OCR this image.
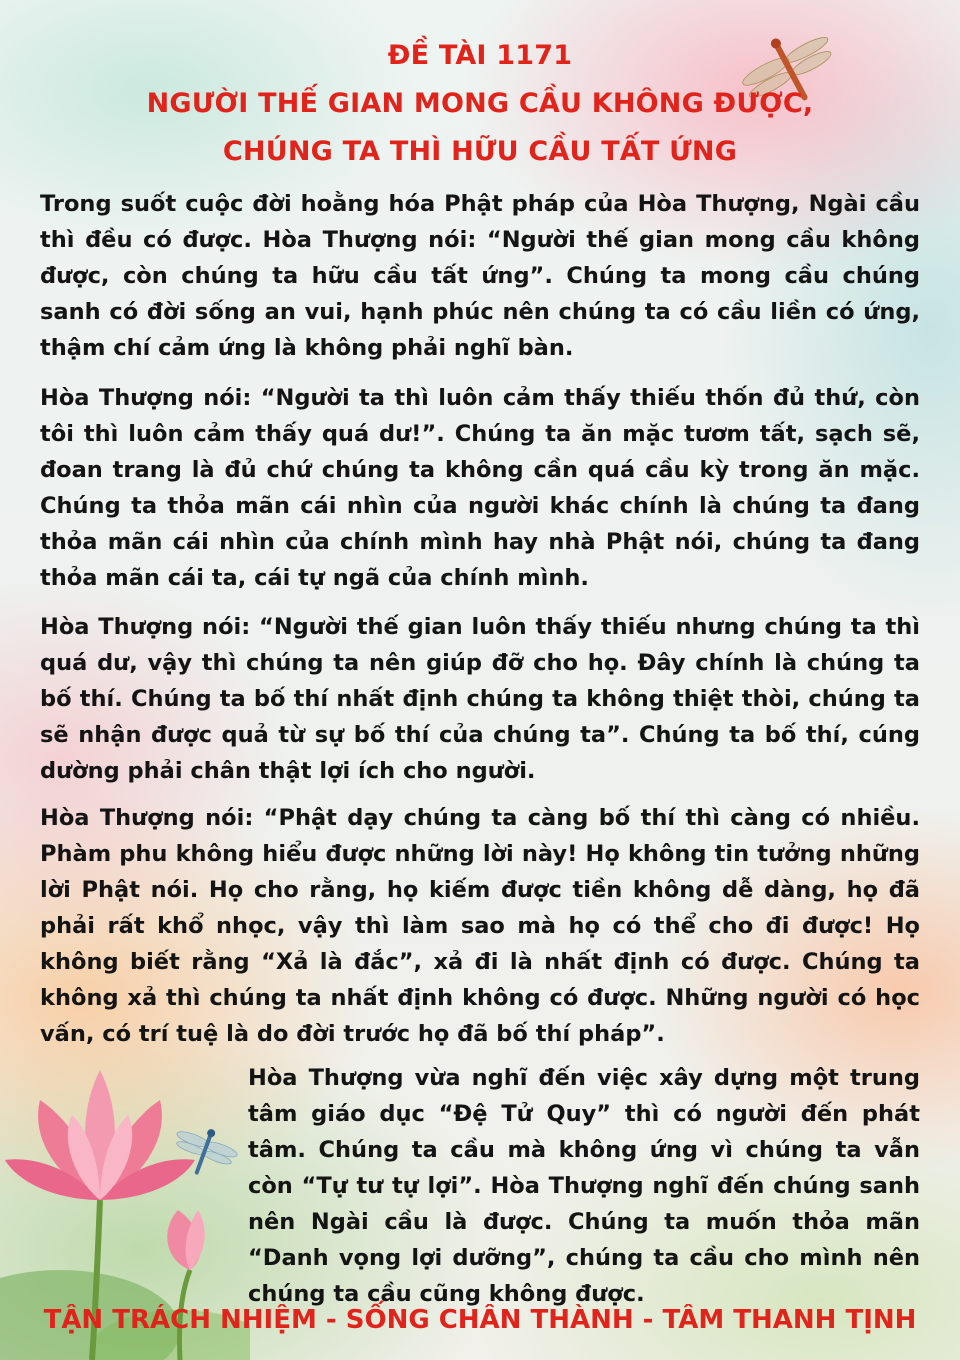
ĐỀ TÀI 1171
NGƯỜI THẾ GIAN MONG CẦU KHÔNG ĐƯỢC,
CHÚNG TA THÌ HỮU CẦU TẤT ỨNG

Trong suốt cuộc đời hoằng hóa Phật pháp của Hòa Thượng, Ngài cầu thì đều có được. Hòa Thượng nói: “Người thế gian mong cầu không được, còn chúng ta hữu cầu tất ứng”. Chúng ta mong cầu chúng sanh có đời sống an vui, hạnh phúc nên chúng ta có cầu liền có ứng, thậm chí cảm ứng là không phải nghĩ bàn.

Hòa Thượng nói: “Người ta thì luôn cảm thấy thiếu thốn đủ thứ, còn tôi thì luôn cảm thấy quá dư!”. Chúng ta ăn mặc tươm tất, sạch sẽ, đoan trang là đủ chứ chúng ta không cần quá cầu kỳ trong ăn mặc. Chúng ta thỏa mãn cái nhìn của người khác chính là chúng ta đang thỏa mãn cái nhìn của chính mình hay nhà Phật nói, chúng ta đang thỏa mãn cái ta, cái tự ngã của chính mình.

Hòa Thượng nói: “Người thế gian luôn thấy thiếu nhưng chúng ta thì quá dư, vậy thì chúng ta nên giúp đỡ cho họ. Đây chính là chúng ta bố thí. Chúng ta bố thí nhất định chúng ta không thiệt thòi, chúng ta sẽ nhận được quả từ sự bố thí của chúng ta”. Chúng ta bố thí, cúng dường phải chân thật lợi ích cho người.

Hòa Thượng nói: “Phật dạy chúng ta càng bố thí thì càng có nhiều. Phàm phu không hiểu được những lời này! Họ không tin tưởng những lời Phật nói. Họ cho rằng, họ kiếm được tiền không dễ dàng, họ đã phải rất khổ nhọc, vậy thì làm sao mà họ có thể cho đi được! Họ không biết rằng “Xả là đắc”, xả đi là nhất định có được. Chúng ta không xả thì chúng ta nhất định không có được. Những người có học vấn, có trí tuệ là do đời trước họ đã bố thí pháp”.

Hòa Thượng vừa nghĩ đến việc xây dựng một trung tâm giáo dục “Đệ Tử Quy” thì có người đến phát tâm. Chúng ta cầu mà không ứng vì chúng ta vẫn còn “Tự tư tự lợi”. Hòa Thượng nghĩ đến chúng sanh nên Ngài cầu là được. Chúng ta muốn thỏa mãn “Danh vọng lợi dưỡng”, chúng ta cầu cho mình nên chúng ta cầu cũng không được.

TẬN TRÁCH NHIỆM - SỐNG CHÂN THÀNH - TÂM THANH TỊNH
